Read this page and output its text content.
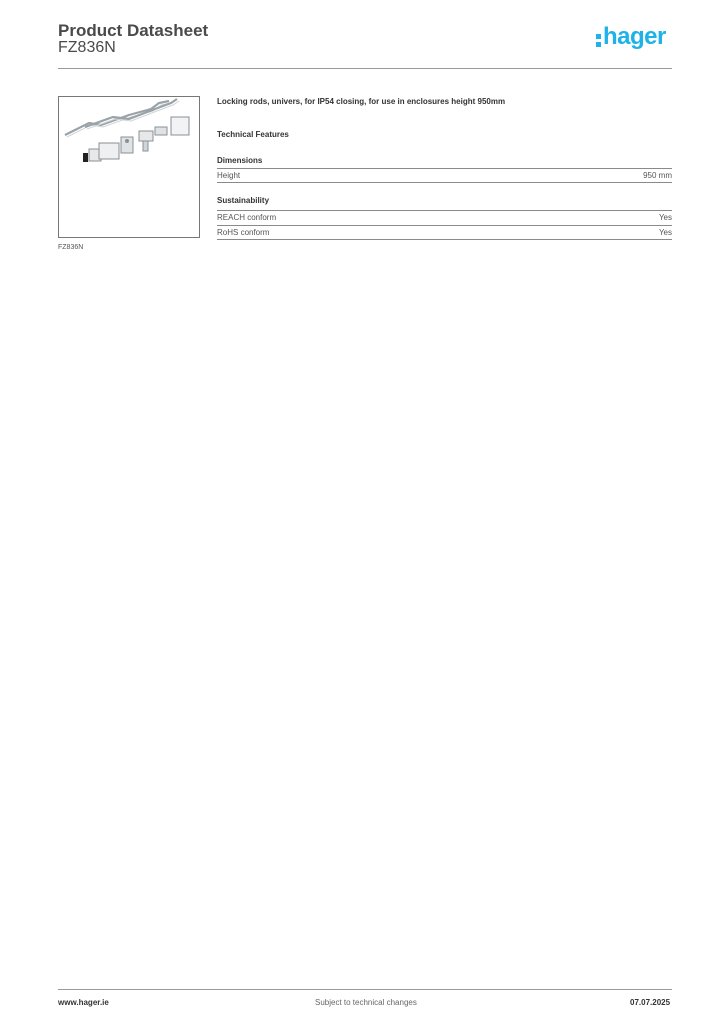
Product Datasheet
FZ836N	hager
FZ836N
Locking rods, univers, for IP54 closing, for use in enclosures height 950mm
Technical Features
Dimensions
Height	950 mm
Sustainability
REACH conform	Yes
RoHS conform	Yes
www.hager.ie	Subject to technical changes	07.07.2025
